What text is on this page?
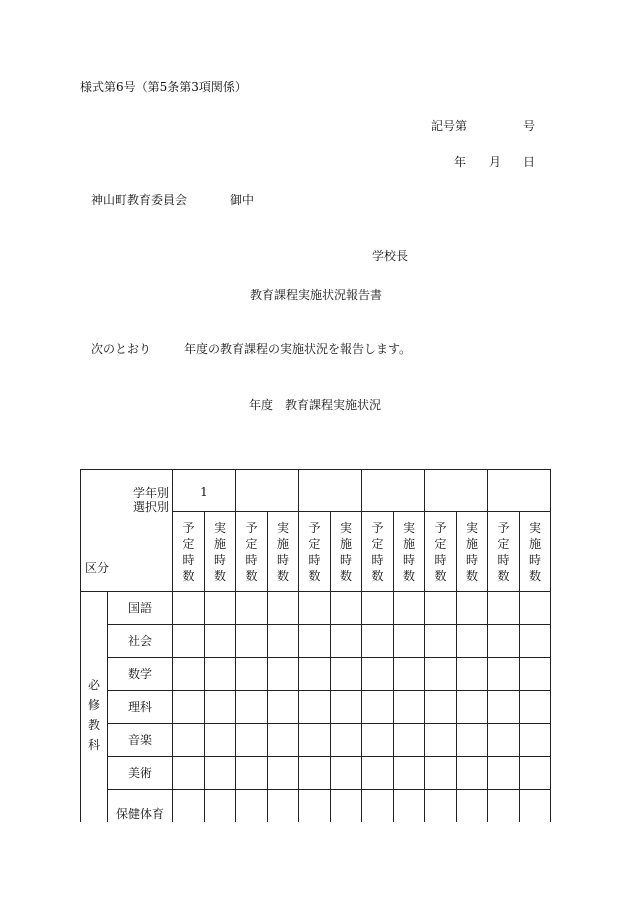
様式第6号（第5条第3項関係）
記号第	号
年 月 日
神山町教育委員会	御中
学校長
教育課程実施状況報告書
次のとおり	年度の教育課程の実施状況を報告します。
年度　教育課程実施状況
学年別
選択別
区分		1											

		予定時数	実施時数	予定時数	実施時数	予定時数	実施時数	予定時数	実施時数	予定時数	実施時数	予定時数	実施時数
必修教科	国語												
	社会												
	数学												
	理科												
	音楽												
	美術												
	保健体育												
